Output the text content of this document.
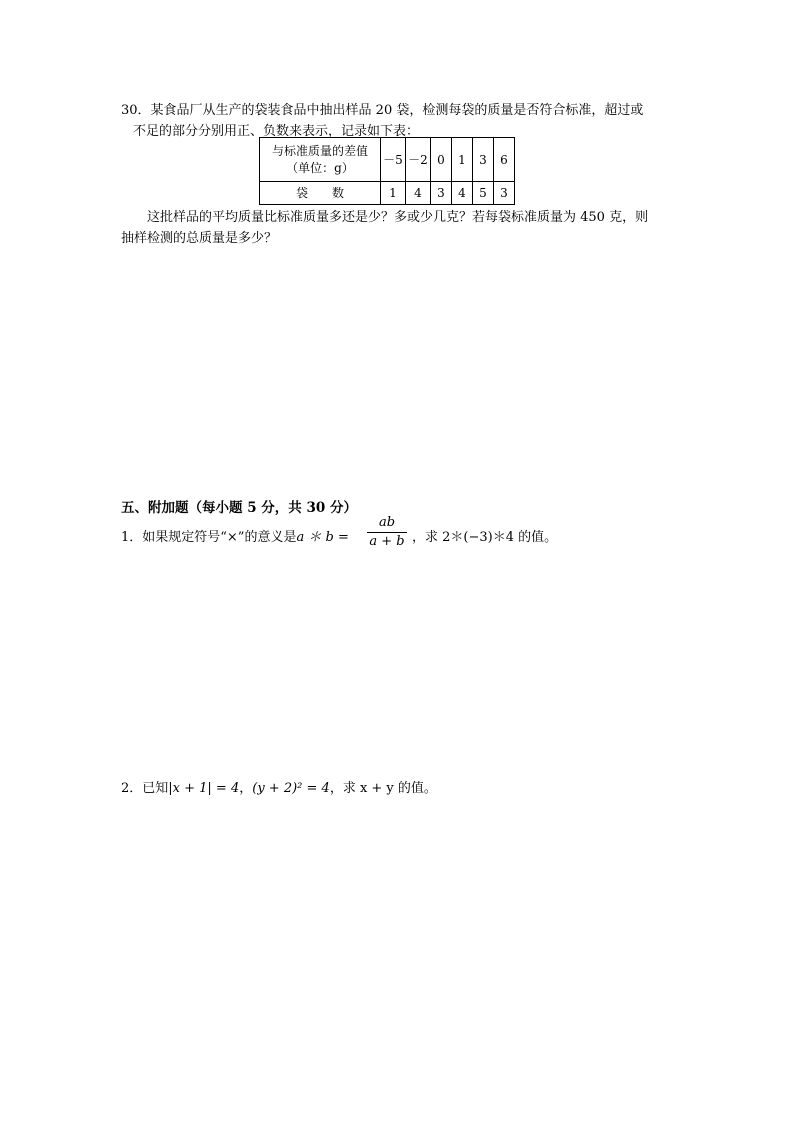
30．某食品厂从生产的袋装食品中抽出样品 20 袋，检测每袋的质量是否符合标准，超过或
不足的部分分别用正、负数来表示，记录如下表：
与标准质量的差值
（单位：g）	－5	－2	0	1	3	6
袋　　数	1	4	3	4	5	3
这批样品的平均质量比标准质量多还是少？多或少几克？若每袋标准质量为 450 克，则
抽样检测的总质量是多少？
五、附加题（每小题 5 分，共 30 分）
1．如果规定符号“×”的意义是a ＊ b =
ab
a + b ，求 2＊(−3)＊4 的值。
2．已知|x + 1| = 4，(y + 2)² = 4，求 x + y 的值。
